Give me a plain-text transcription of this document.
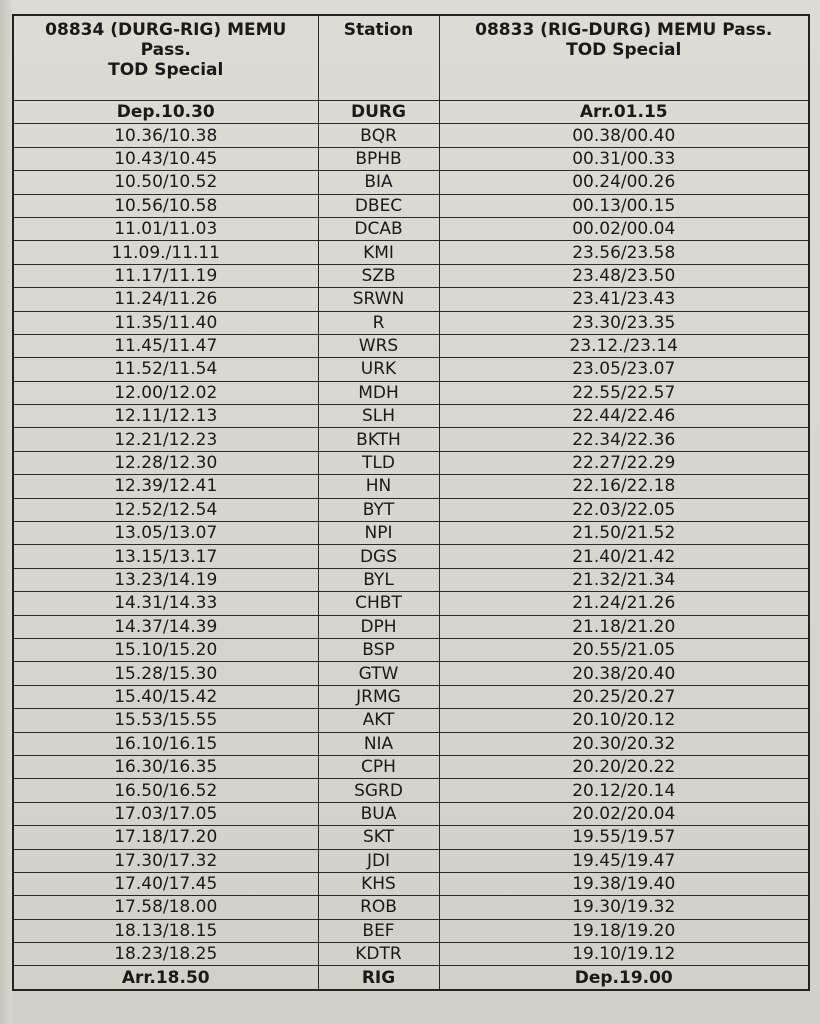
08834 (DURG-RIG) MEMU
Pass.
TOD Special	Station	08833 (RIG-DURG) MEMU Pass.
TOD Special

Dep.10.30	DURG	Arr.01.15
10.36/10.38	BQR	00.38/00.40
10.43/10.45	BPHB	00.31/00.33
10.50/10.52	BIA	00.24/00.26
10.56/10.58	DBEC	00.13/00.15
11.01/11.03	DCAB	00.02/00.04
11.09./11.11	KMI	23.56/23.58
11.17/11.19	SZB	23.48/23.50
11.24/11.26	SRWN	23.41/23.43
11.35/11.40	R	23.30/23.35
11.45/11.47	WRS	23.12./23.14
11.52/11.54	URK	23.05/23.07
12.00/12.02	MDH	22.55/22.57
12.11/12.13	SLH	22.44/22.46
12.21/12.23	BKTH	22.34/22.36
12.28/12.30	TLD	22.27/22.29
12.39/12.41	HN	22.16/22.18
12.52/12.54	BYT	22.03/22.05
13.05/13.07	NPI	21.50/21.52
13.15/13.17	DGS	21.40/21.42
13.23/14.19	BYL	21.32/21.34
14.31/14.33	CHBT	21.24/21.26
14.37/14.39	DPH	21.18/21.20
15.10/15.20	BSP	20.55/21.05
15.28/15.30	GTW	20.38/20.40
15.40/15.42	JRMG	20.25/20.27
15.53/15.55	AKT	20.10/20.12
16.10/16.15	NIA	20.30/20.32
16.30/16.35	CPH	20.20/20.22
16.50/16.52	SGRD	20.12/20.14
17.03/17.05	BUA	20.02/20.04
17.18/17.20	SKT	19.55/19.57
17.30/17.32	JDI	19.45/19.47
17.40/17.45	KHS	19.38/19.40
17.58/18.00	ROB	19.30/19.32
18.13/18.15	BEF	19.18/19.20
18.23/18.25	KDTR	19.10/19.12
Arr.18.50	RIG	Dep.19.00
